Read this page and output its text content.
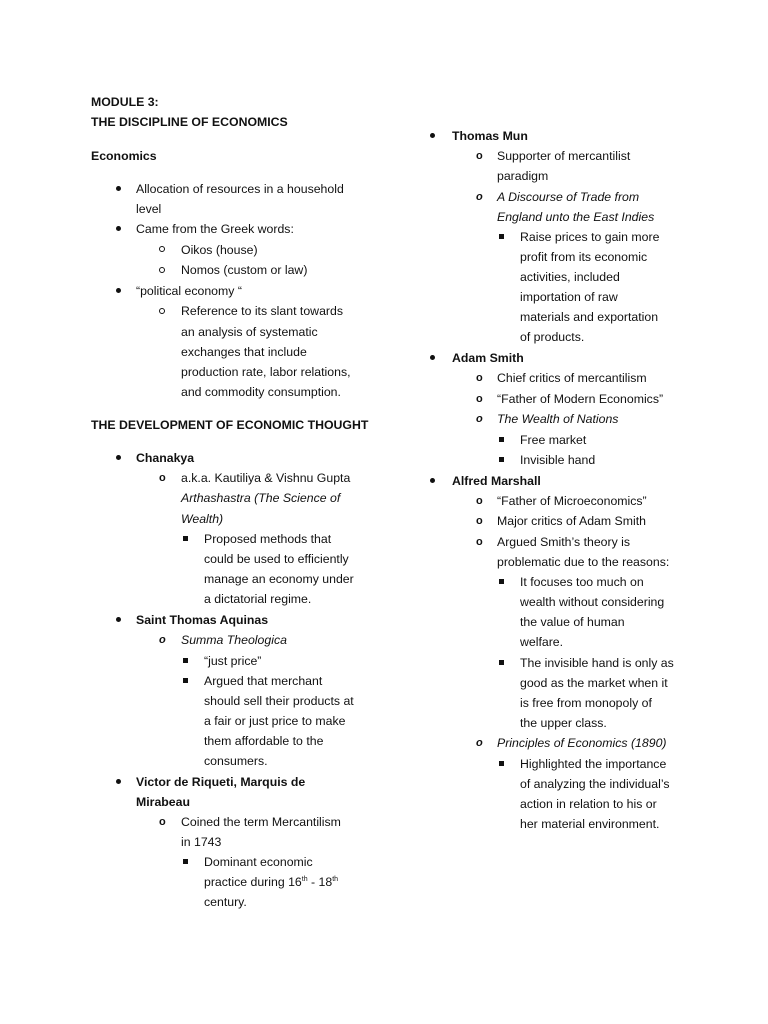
MODULE 3:
THE DISCIPLINE OF ECONOMICS
Economics
Allocation of resources in a household
level
Came from the Greek words:
Oikos (house)
Nomos (custom or law)
“political economy “
Reference to its slant towards
an analysis of systematic
exchanges that include
production rate, labor relations,
and commodity consumption.
THE DEVELOPMENT OF ECONOMIC THOUGHT
Chanakya
o a.k.a. Kautiliya & Vishnu Gupta
Arthashastra (The Science of
Wealth)
Proposed methods that
could be used to efficiently
manage an economy under
a dictatorial regime.
Saint Thomas Aquinas
o Summa Theologica
“just price”
Argued that merchant
should sell their products at
a fair or just price to make
them affordable to the
consumers.
Victor de Riqueti, Marquis de
Mirabeau
o Coined the term Mercantilism
in 1743
Dominant economic
practice during 16th - 18th
century.
Thomas Mun
o Supporter of mercantilist
paradigm
o A Discourse of Trade from
England unto the East Indies
Raise prices to gain more
profit from its economic
activities, included
importation of raw
materials and exportation
of products.
Adam Smith
o Chief critics of mercantilism
o “Father of Modern Economics”
o The Wealth of Nations
Free market
Invisible hand
Alfred Marshall
o “Father of Microeconomics”
o Major critics of Adam Smith
o Argued Smith’s theory is
problematic due to the reasons:
It focuses too much on
wealth without considering
the value of human
welfare.
The invisible hand is only as
good as the market when it
is free from monopoly of
the upper class.
o Principles of Economics (1890)
Highlighted the importance
of analyzing the individual’s
action in relation to his or
her material environment.
